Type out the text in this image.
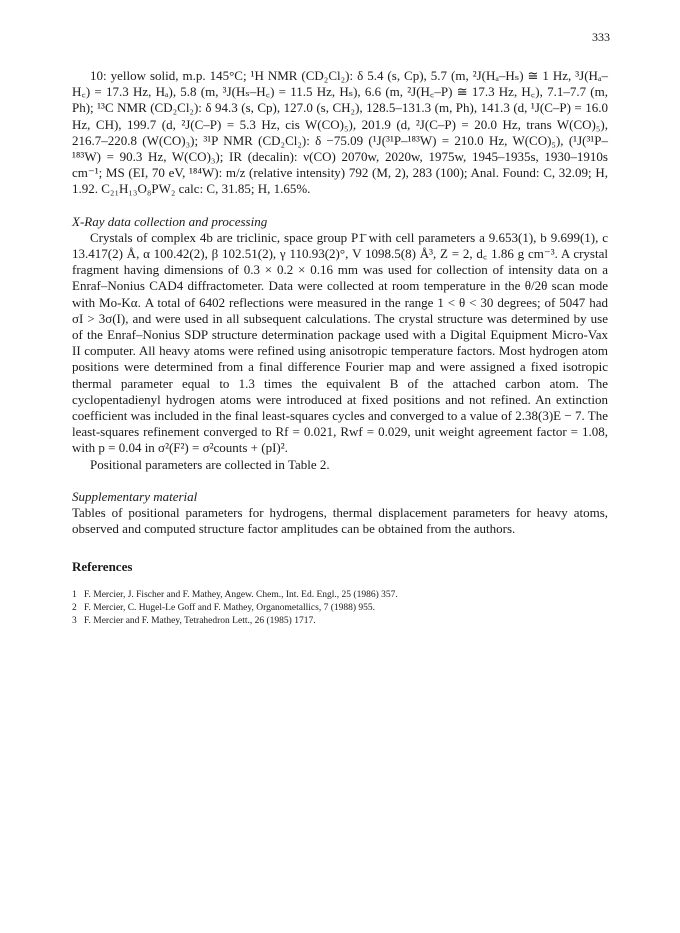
333

10: yellow solid, m.p. 145°C; ¹H NMR (CD₂Cl₂): δ 5.4 (s, Cp), 5.7 (m, ²J(Hₐ–Hₛ) ≅ 1 Hz, ³J(Hₐ–H꜀) = 17.3 Hz, Hₐ), 5.8 (m, ³J(Hₛ–H꜀) = 11.5 Hz, Hₛ), 6.6 (m, ²J(H꜀–P) ≅ 17.3 Hz, H꜀), 7.1–7.7 (m, Ph); ¹³C NMR (CD₂Cl₂): δ 94.3 (s, Cp), 127.0 (s, CH₂), 128.5–131.3 (m, Ph), 141.3 (d, ¹J(C–P) = 16.0 Hz, CH), 199.7 (d, ²J(C–P) = 5.3 Hz, cis W(CO)₅), 201.9 (d, ²J(C–P) = 20.0 Hz, trans W(CO)₅), 216.7–220.8 (W(CO)₃); ³¹P NMR (CD₂Cl₂): δ −75.09 (¹J(³¹P–¹⁸³W) = 210.0 Hz, W(CO)₅), (¹J(³¹P–¹⁸³W) = 90.3 Hz, W(CO)₃); IR (decalin): ν(CO) 2070w, 2020w, 1975w, 1945–1935s, 1930–1910s cm⁻¹; MS (EI, 70 eV, ¹⁸⁴W): m/z (relative intensity) 792 (M, 2), 283 (100); Anal. Found: C, 32.09; H, 1.92. C₂₁H₁₃O₈PW₂ calc: C, 31.85; H, 1.65%.

X-Ray data collection and processing

Crystals of complex 4b are triclinic, space group P1̄ with cell parameters a 9.653(1), b 9.699(1), c 13.417(2) Å, α 100.42(2), β 102.51(2), γ 110.93(2)°, V 1098.5(8) Å³, Z = 2, d꜀ 1.86 g cm⁻³. A crystal fragment having dimensions of 0.3 × 0.2 × 0.16 mm was used for collection of intensity data on a Enraf–Nonius CAD4 diffractometer. Data were collected at room temperature in the θ/2θ scan mode with Mo-Kα. A total of 6402 reflections were measured in the range 1 < θ < 30 degrees; of 5047 had σI > 3σ(I), and were used in all subsequent calculations. The crystal structure was determined by use of the Enraf–Nonius SDP structure determination package used with a Digital Equipment Micro-Vax II computer. All heavy atoms were refined using anisotropic temperature factors. Most hydrogen atom positions were determined from a final difference Fourier map and were assigned a fixed isotropic thermal parameter equal to 1.3 times the equivalent B of the attached carbon atom. The cyclopentadienyl hydrogen atoms were introduced at fixed positions and not refined. An extinction coefficient was included in the final least-squares cycles and converged to a value of 2.38(3)E − 7. The least-squares refinement converged to Rf = 0.021, Rwf = 0.029, unit weight agreement factor = 1.08, with p = 0.04 in σ²(F²) = σ²counts + (pI)².

Positional parameters are collected in Table 2.

Supplementary material

Tables of positional parameters for hydrogens, thermal displacement parameters for heavy atoms, observed and computed structure factor amplitudes can be obtained from the authors.

References
1 F. Mercier, J. Fischer and F. Mathey, Angew. Chem., Int. Ed. Engl., 25 (1986) 357.
2 F. Mercier, C. Hugel-Le Goff and F. Mathey, Organometallics, 7 (1988) 955.
3 F. Mercier and F. Mathey, Tetrahedron Lett., 26 (1985) 1717.
